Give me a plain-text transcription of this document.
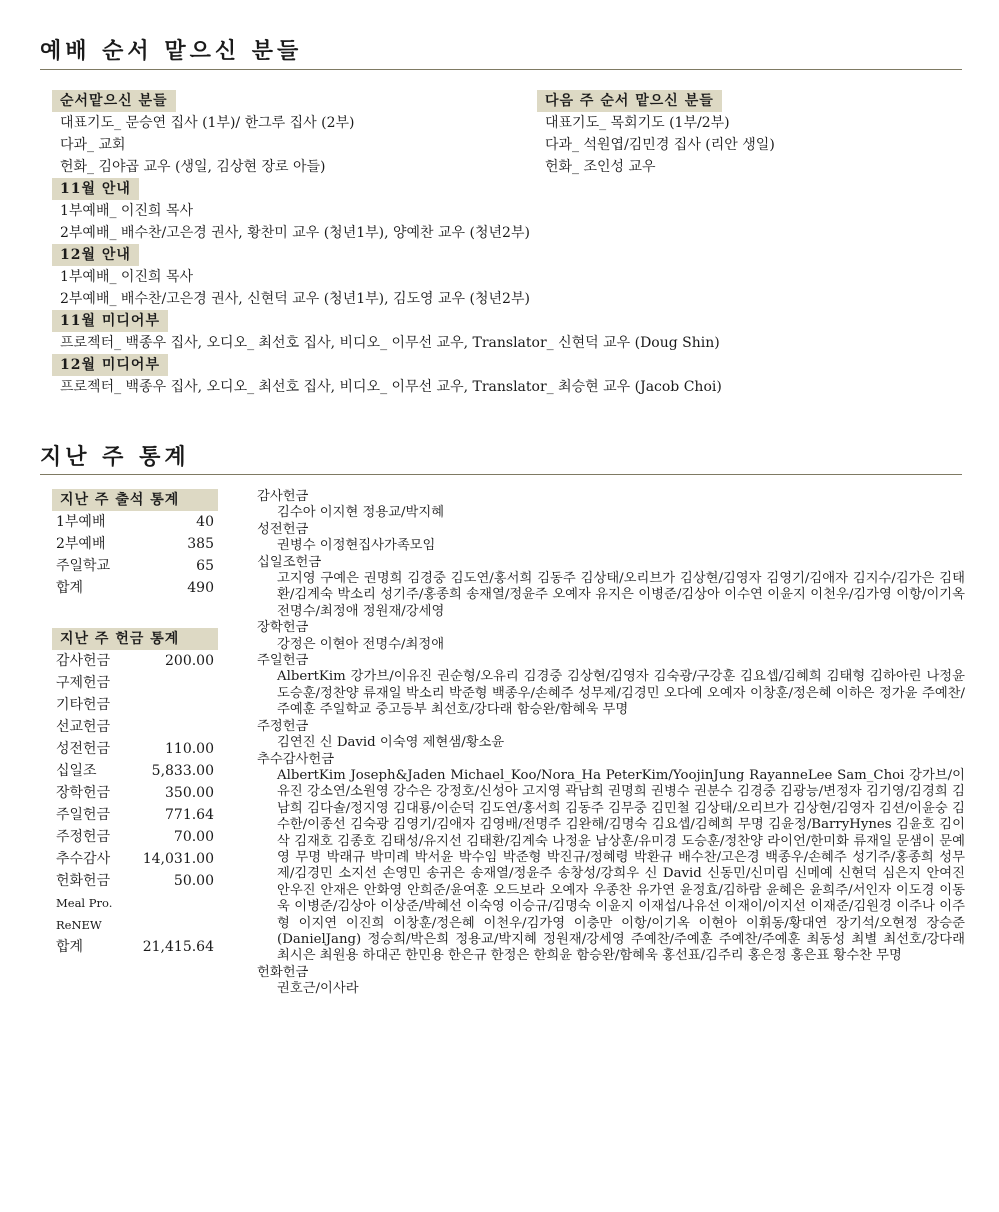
예배 순서 맡으신 분들
순서맡으신 분들
대표기도_ 문승연 집사 (1부)/ 한그루 집사 (2부)
다과_ 교회
헌화_ 김야곱 교우 (생일, 김상현 장로 아들)
11월 안내
1부예배_ 이진희 목사
2부예배_ 배수찬/고은경 권사, 황찬미 교우 (청년1부), 양예찬 교우 (청년2부)
12월 안내
1부예배_ 이진희 목사
2부예배_ 배수찬/고은경 권사, 신현덕 교우 (청년1부), 김도영 교우 (청년2부)
11월 미디어부
프로젝터_ 백종우 집사, 오디오_ 최선호 집사, 비디오_ 이무선 교우, Translator_ 신현덕 교우 (Doug Shin)
12월 미디어부
프로젝터_ 백종우 집사, 오디오_ 최선호 집사, 비디오_ 이무선 교우, Translator_ 최승현 교우 (Jacob Choi)
다음 주 순서 맡으신 분들
대표기도_ 목회기도 (1부/2부)
다과_ 석원엽/김민경 집사 (리안 생일)
헌화_ 조인성 교우
지난 주 통계
지난 주 출석 통계
1부예배	40
2부예배	385
주일학교	65
합계	490
지난 주 헌금 통계
감사헌금	200.00
구제헌금
기타헌금
선교헌금
성전헌금	110.00
십일조	5,833.00
장학헌금	350.00
주일헌금	771.64
주정헌금	70.00
추수감사 14,031.00
헌화헌금	50.00
Meal Pro.
ReNEW
합계	21,415.64
감사헌금
김수아 이지현 정용교/박지혜
성전헌금
권병수 이정현집사가족모임
십일조헌금
고지영 구예은 권명희 김경중 김도연/홍서희 김동주 김상태/오리브가 김상현/김영자 김영기/김애자 김지수/김가은 김태환/김계숙 박소리 성기주/홍종희 송재열/정윤주 오예자 유지은 이병준/김상아 이수연 이윤지 이천우/김가영 이항/이기옥 전명수/최정애 정원재/강세영
장학헌금
강정은 이현아 전명수/최정애
주일헌금
AlbertKim 강가브/이유진 권순형/오유리 김경중 김상현/김영자 김숙광/구강훈 김요셉/김혜희 김태형 김하아린 나정윤 도승훈/정찬양 류재일 박소리 박준형 백종우/손혜주 성무제/김경민 오다예 오예자 이창훈/정은혜 이하은 정가윤 주예찬/주예훈 주일학교 중고등부 최선호/강다래 함승완/함혜욱 무명
주정헌금
김연진 신 David 이숙영 제현샘/황소윤
추수감사헌금
AlbertKim Joseph&Jaden Michael_Koo/Nora_Ha PeterKim/YoojinJung RayanneLee Sam_Choi 강가브/이유진 강소연/소원영 강수은 강정호/신성아 고지영 곽남희 권명희 권병수 권분수 김경중 김광능/변정자 김기영/김경희 김남희 김다솔/정지영 김대룡/이순덕 김도연/홍서희 김동주 김무중 김민철 김상태/오리브가 김상현/김영자 김션/이윤숭 김수한/이종선 김숙광 김영기/김애자 김영배/전명주 김완해/김명숙 김요셉/김혜희 무명 김윤정/BarryHynes 김윤호 김이삭 김재호 김종호 김태성/유지선 김태환/김계숙 나정윤 남상훈/유미경 도승훈/정찬양 라이언/한미화 류재일 문샘이 문예영 무명 박래규 박미례 박서윤 박수임 박준형 박진규/정혜령 박환규 배수찬/고은경 백종우/손혜주 성기주/홍종희 성무제/김경민 소지선 손영민 송귀은 송재열/정윤주 송창성/강희우 신 David 신동민/신미림 신메예 신현덕 심은지 안여진 안우진 안재은 안화영 안희준/윤여훈 오드보라 오예자 우종찬 유가연 윤정효/김하람 윤혜은 윤희주/서인자 이도경 이동욱 이병준/김상아 이상준/박혜선 이숙영 이승규/김명숙 이윤지 이재섭/나유선 이재이/이지선 이재준/김원경 이주나 이주형 이지연 이진희 이창훈/정은혜 이천우/김가영 이충만 이항/이기옥 이현아 이휘동/황대연 장기석/오현정 장승준(DanielJang) 정승희/박은희 정용교/박지혜 정원재/강세영 주예찬/주예훈 주예찬/주예훈 최동성 최별 최선호/강다래 최시은 최원용 하대곤 한민용 한은규 한정은 한희윤 함승완/함혜욱 홍선표/김주리 홍은정 홍은표 황수찬 무명
헌화헌금
권호근/이사라
